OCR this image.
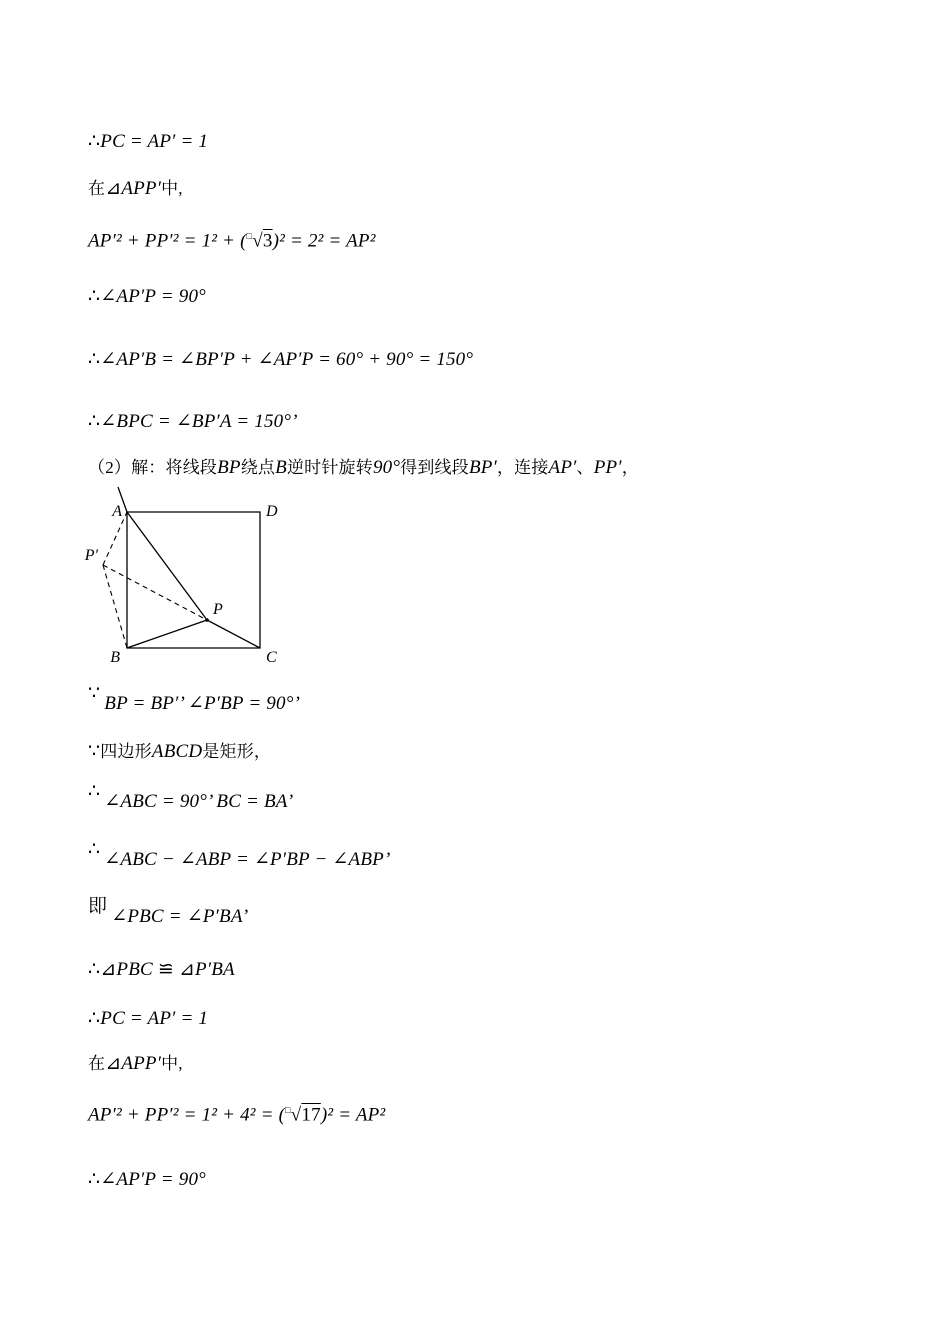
∴PC = AP′ = 1
在⊿APP′中,
AP′² + PP′² = 1² + (□√3)² = 2² = AP²
∴∠AP′P = 90°
∴∠AP′B = ∠BP′P + ∠AP′P = 60° + 90° = 150°
∴∠BPC = ∠BP′A = 150°’
（2）解：将线段BP绕点B逆时针旋转90°得到线段BP′，连接AP′、PP′，
A	D
B	C
P
P′
∵ BP = BP′’ ∠P′BP = 90°’
∵四边形ABCD是矩形，
∴ ∠ABC = 90°’ BC = BA’
∴ ∠ABC − ∠ABP = ∠P′BP − ∠ABP’
即 ∠PBC = ∠P′BA’
∴⊿PBC ≌ ⊿P′BA
∴PC = AP′ = 1
在⊿APP′中,
AP′² + PP′² = 1² + 4² = (□√17)² = AP²
∴∠AP′P = 90°
